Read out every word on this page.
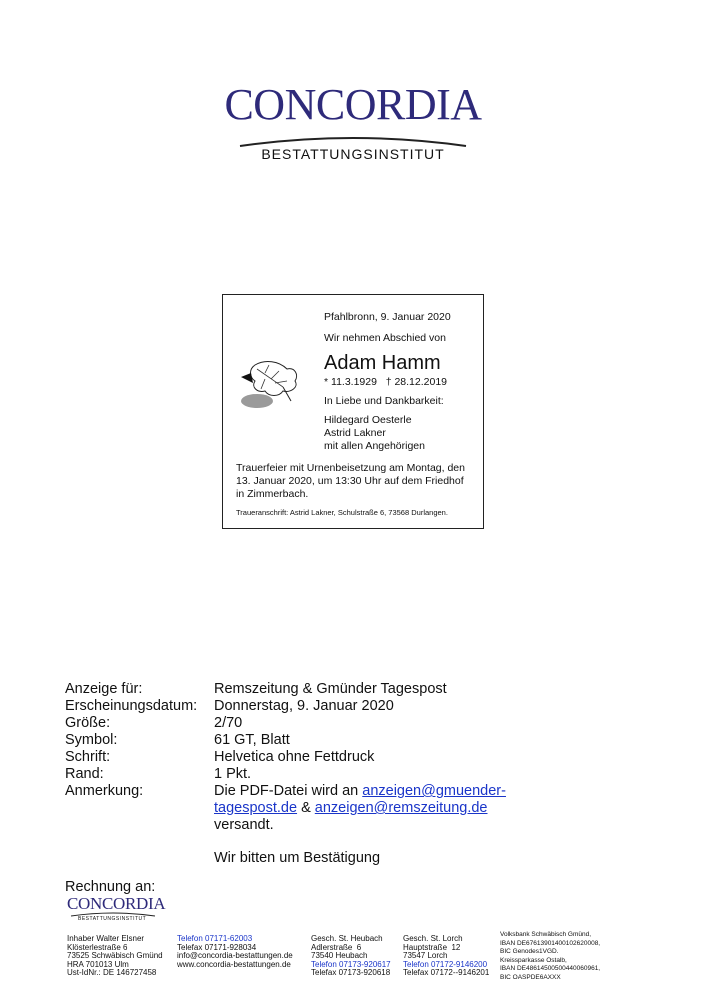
CONCORDIA
BESTATTUNGSINSTITUT
Pfahlbronn, 9. Januar 2020
Wir nehmen Abschied von
Adam Hamm
* 11.3.1929   † 28.12.2019
In Liebe und Dankbarkeit:
Hildegard Oesterle
Astrid Lakner
mit allen Angehörigen
Trauerfeier mit Urnenbeisetzung am Montag, den
13. Januar 2020, um 13:30 Uhr auf dem Friedhof
in Zimmerbach.
Traueranschrift: Astrid Lakner, Schulstraße 6, 73568 Durlangen.
Anzeige für:	Remszeitung & Gmünder Tagespost
Erscheinungsdatum: Donnerstag, 9. Januar 2020
Größe:	2/70
Symbol:	61 GT, Blatt
Schrift:	Helvetica ohne Fettdruck
Rand:	1 Pkt.
Anmerkung:	Die PDF-Datei wird an anzeigen@gmuender-
tagespost.de & anzeigen@remszeitung.de
versandt.
Wir bitten um Bestätigung
Rechnung an:
CONCORDIA
BESTATTUNGSINSTITUT
Inhaber Walter Elsner
Klösterlestraße 6
73525 Schwäbisch Gmünd
HRA 701013 Ulm
Ust-IdNr.: DE 146727458
Telefon 07171-62003
Telefax 07171-928034
info@concordia-bestattungen.de
www.concordia-bestattungen.de
Gesch. St. Heubach
Adlerstraße  6
73540 Heubach
Telefon 07173-920617
Telefax 07173-920618
Gesch. St. Lorch
Hauptstraße  12
73547 Lorch
Telefon 07172-9146200
Telefax 07172--9146201
Volksbank Schwäbisch Gmünd,
IBAN DE67613901400102620008,
BIC Genodes1VGD.
Kreissparkasse Ostalb,
IBAN DE48614500500440060961,
BIC OASPDE6AXXX
